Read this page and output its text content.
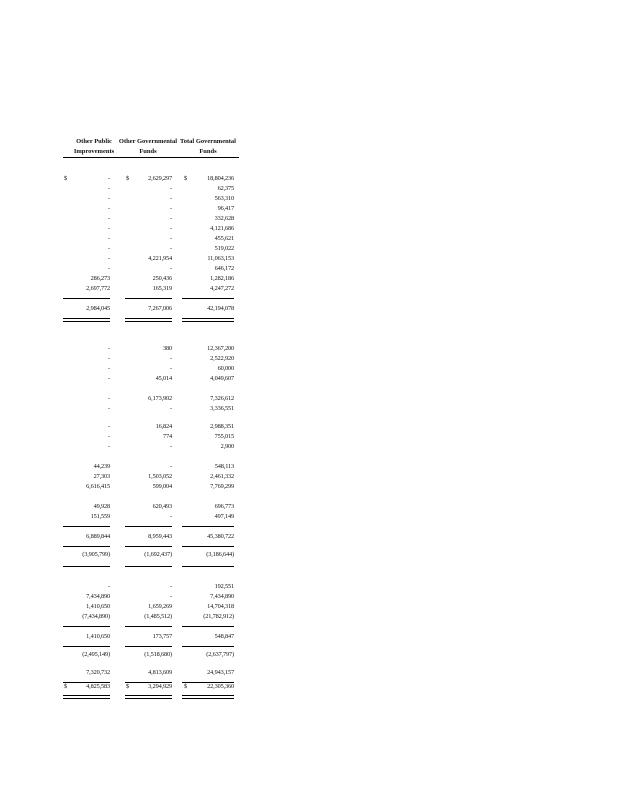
Other Public Improvements
Other Governmental Funds
Total Governmental Funds
$	-	$	2,629,297 $	18,804,236
-	-	62,375
-	-	563,310
-	-	96,417
-	-	332,628
-	-	4,121,686
-	-	455,621
-	-	519,022
-	4,221,954	11,063,153
-	-	646,172
286,273	250,436	1,282,186
2,697,772	165,319	4,247,272
2,984,045	7,267,006	42,194,078
-	380	12,367,200
-	-	2,522,920
-	-	60,000
-	45,014	4,049,607
-	6,173,902	7,326,612
-	-	3,336,551
-	16,824	2,988,351
-	774	755,015
-	-	2,900
44,239	-	548,113
27,303	1,503,052	2,461,332
6,616,415	599,004	7,769,299
49,928	620,493	696,773
151,559	-	497,149
6,889,844	8,959,443	45,380,722
(3,905,799)	(1,692,437)	(3,186,644)
-	-	192,551
7,434,890	-	7,434,890
1,410,650	1,659,269	14,704,318
(7,434,890)	(1,485,512)	(21,782,912)
1,410,650	173,757	548,847
(2,495,149)	(1,518,680)	(2,637,797)
7,320,732	4,813,609	24,943,157
$	4,825,583	$	3,294,929 $	22,305,360
